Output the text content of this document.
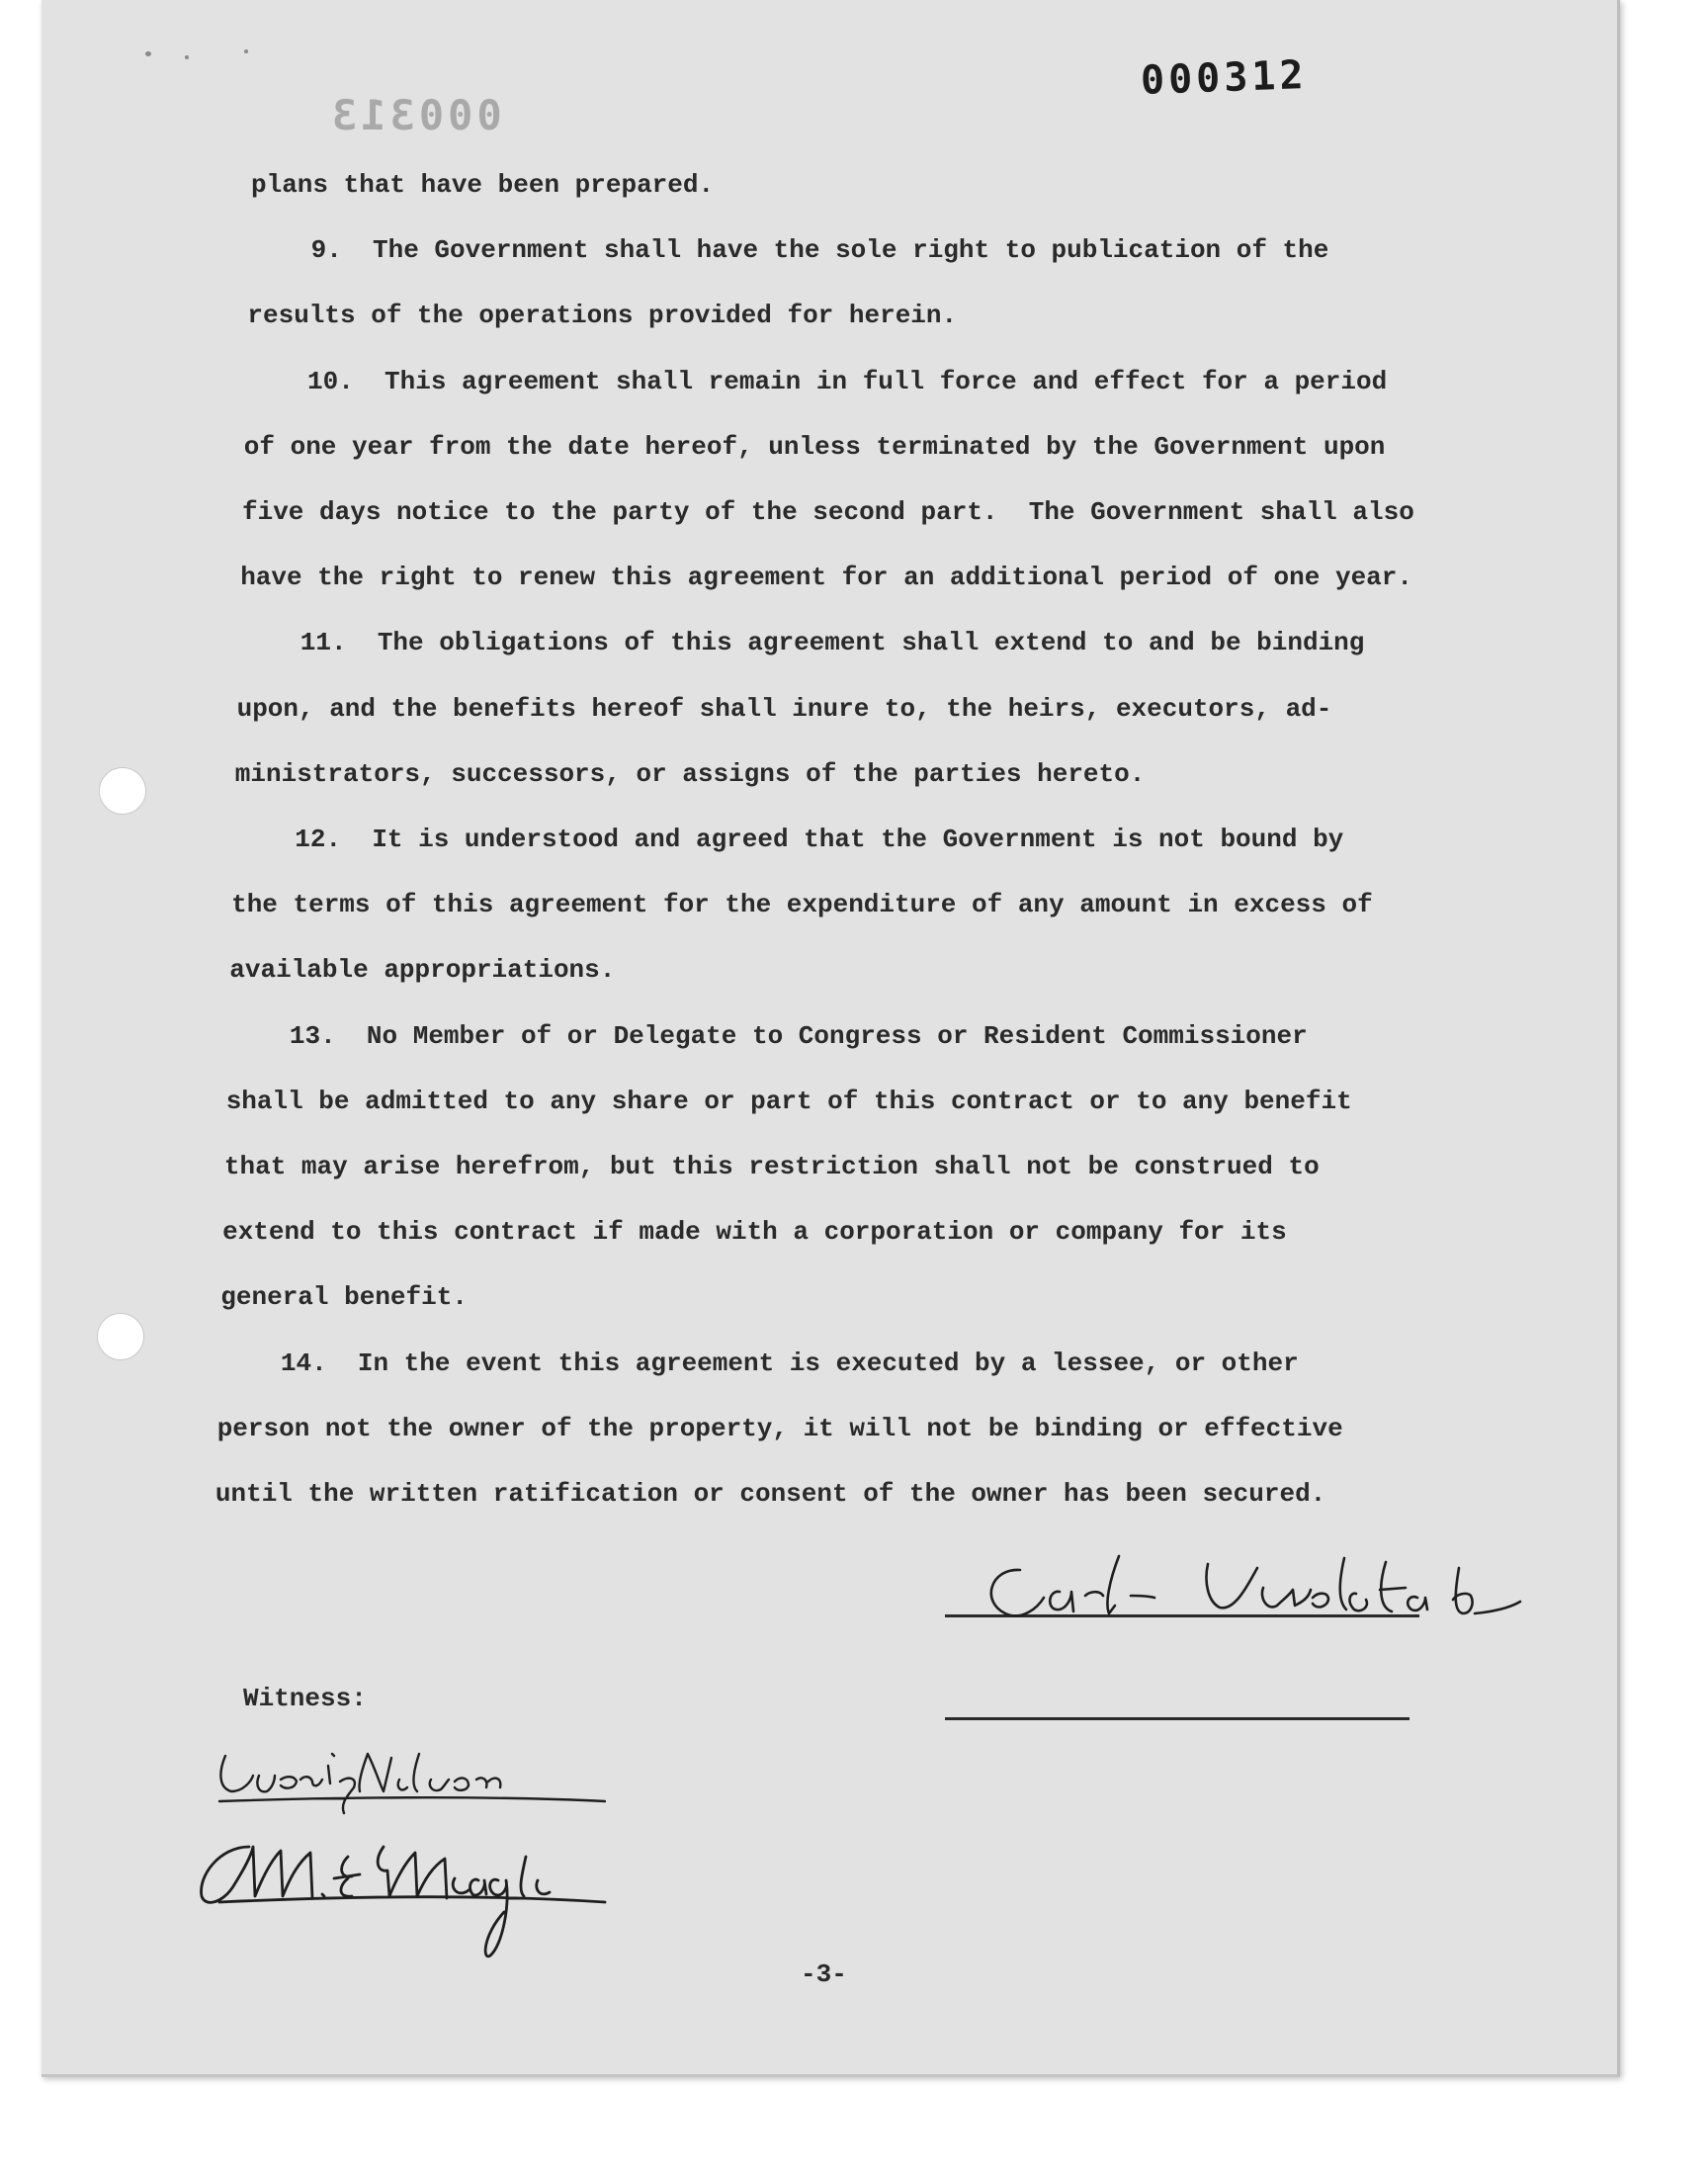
000313
000312
plans that have been prepared.
9.  The Government shall have the sole right to publication of the
results of the operations provided for herein.
10.  This agreement shall remain in full force and effect for a period
of one year from the date hereof, unless terminated by the Government upon
five days notice to the party of the second part.  The Government shall also
have the right to renew this agreement for an additional period of one year.
11.  The obligations of this agreement shall extend to and be binding
upon, and the benefits hereof shall inure to, the heirs, executors, ad-
ministrators, successors, or assigns of the parties hereto.
12.  It is understood and agreed that the Government is not bound by
the terms of this agreement for the expenditure of any amount in excess of
available appropriations.
13.  No Member of or Delegate to Congress or Resident Commissioner
shall be admitted to any share or part of this contract or to any benefit
that may arise herefrom, but this restriction shall not be construed to
extend to this contract if made with a corporation or company for its
general benefit.
14.  In the event this agreement is executed by a lessee, or other
person not the owner of the property, it will not be binding or effective
until the written ratification or consent of the owner has been secured.
Witness:
-3-
